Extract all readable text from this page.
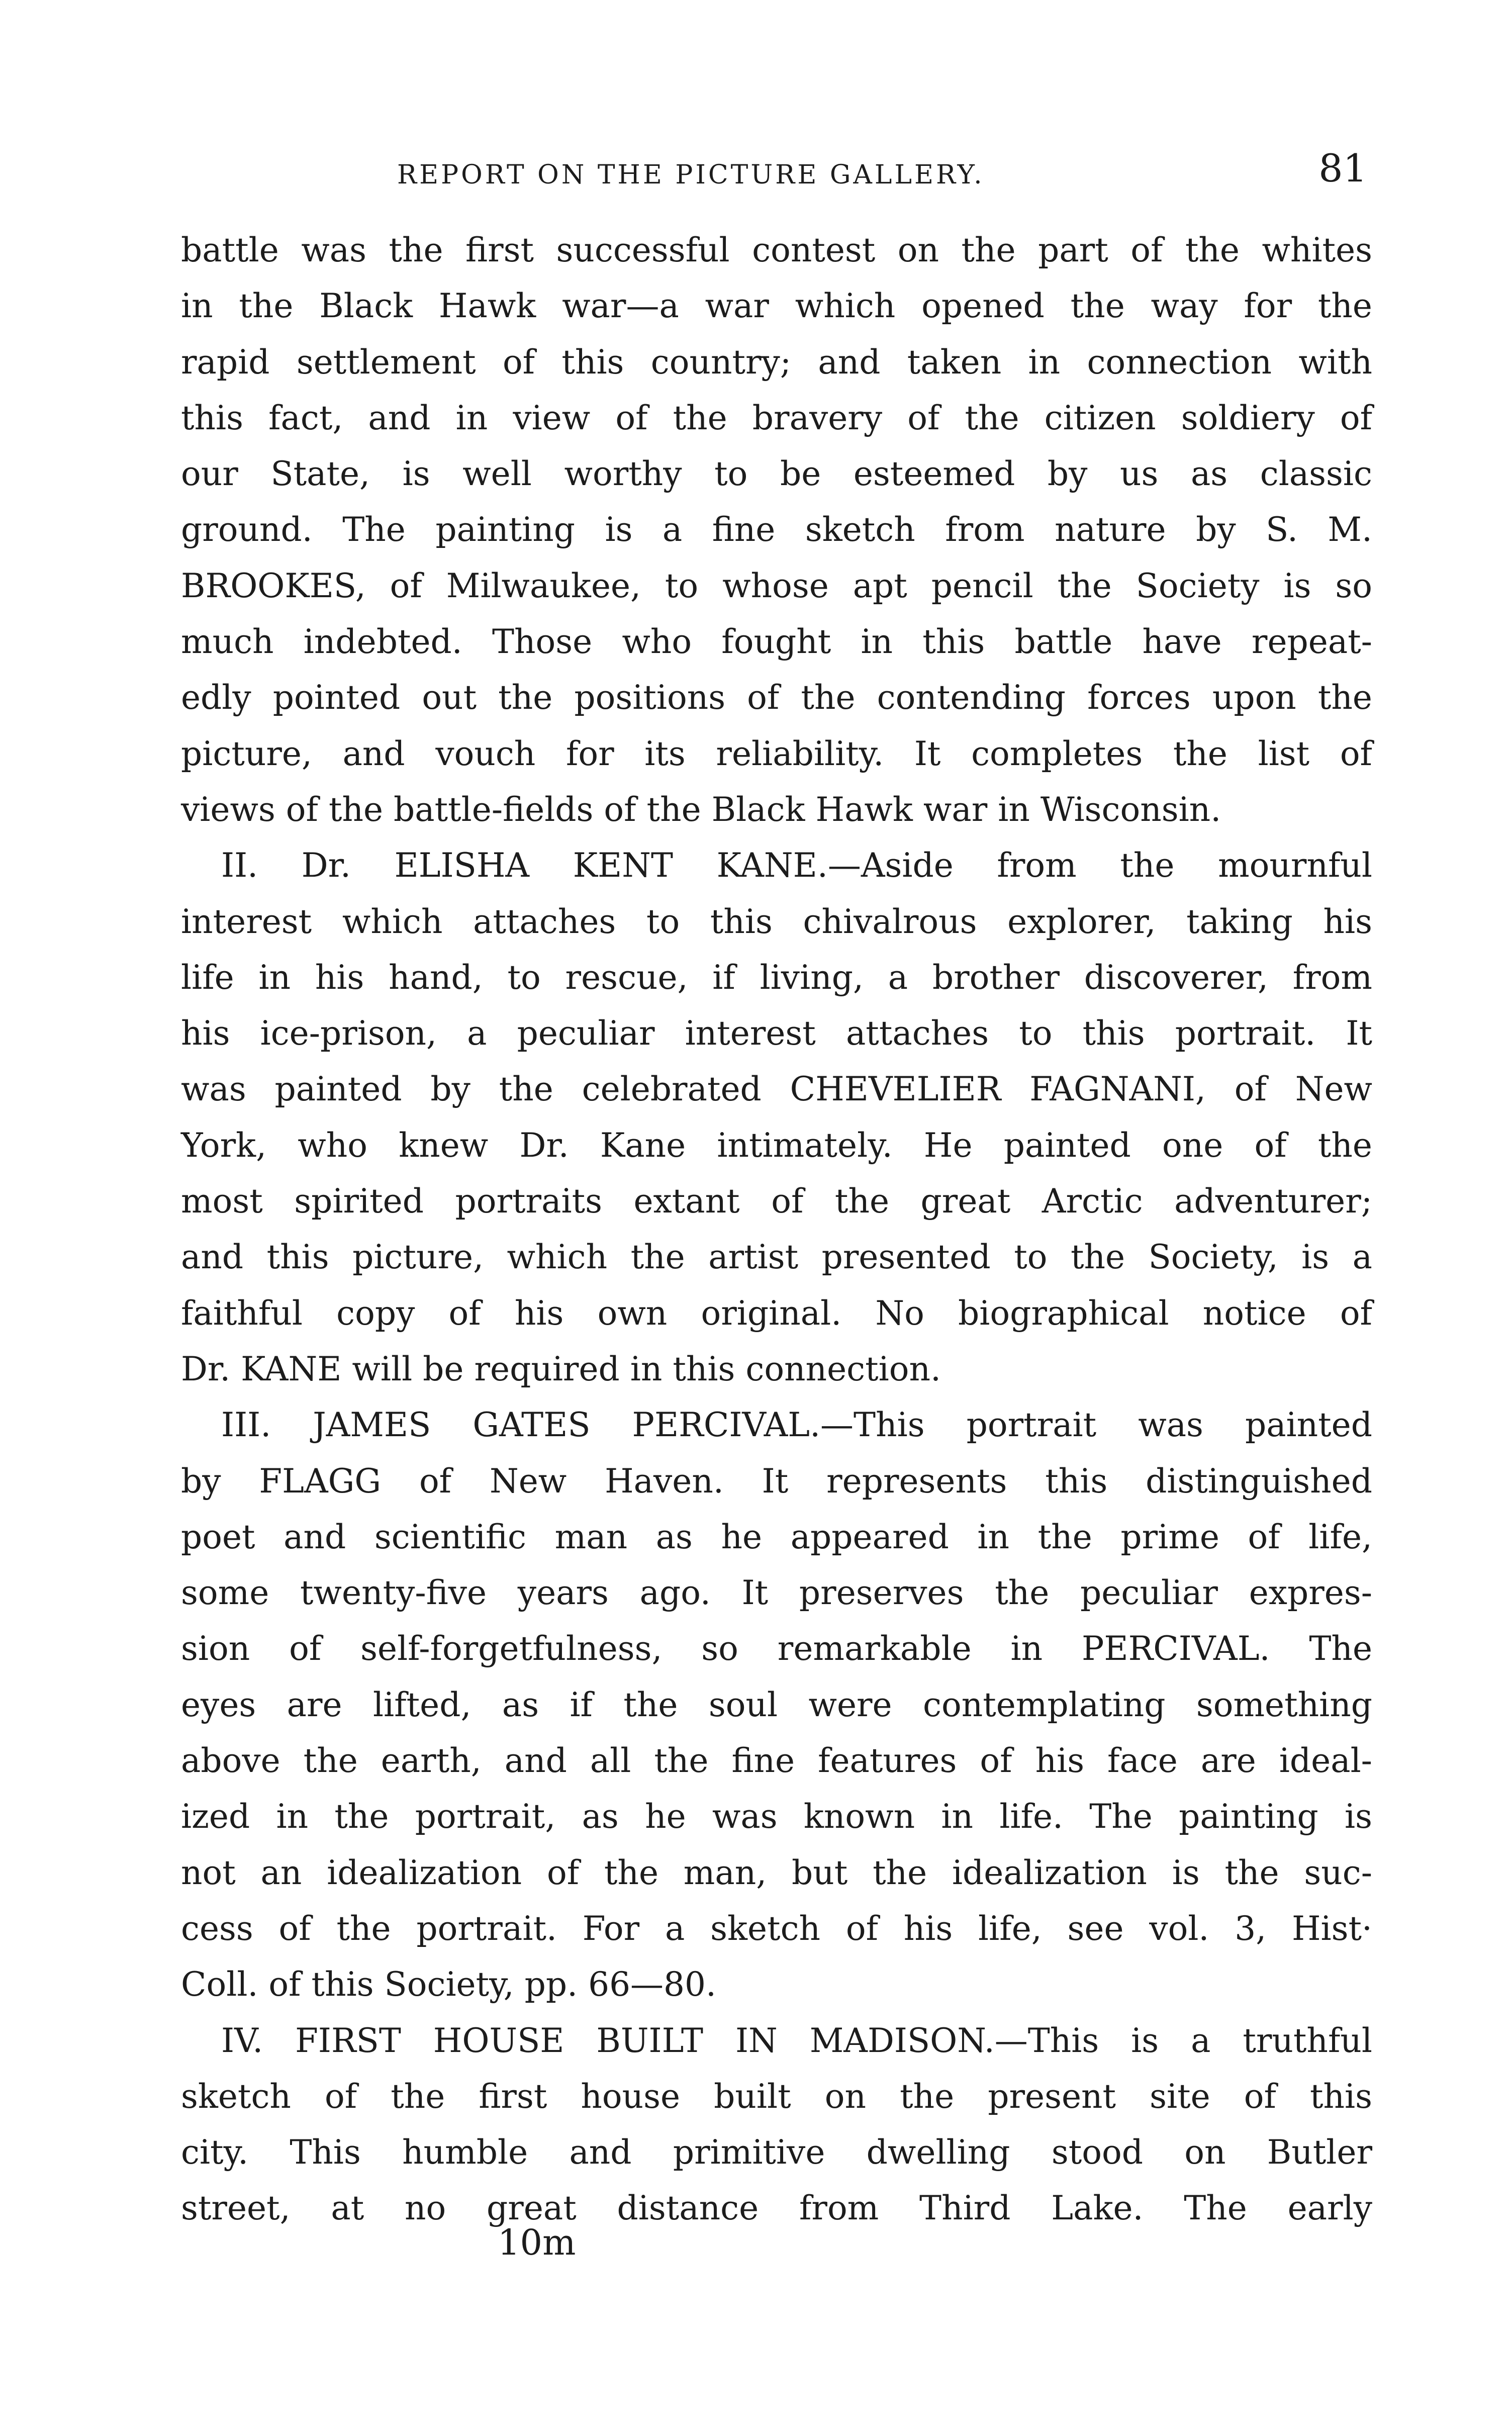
REPORT ON THE PICTURE GALLERY.	81
battle was the first successful contest on the part of the whites
in the Black Hawk war—a war which opened the way for the
rapid settlement of this country; and taken in connection with
this fact, and in view of the bravery of the citizen soldiery of
our State, is well worthy to be esteemed by us as classic
ground. The painting is a fine sketch from nature by S. M.
BROOKES, of Milwaukee, to whose apt pencil the Society is so
much indebted. Those who fought in this battle have repeat-
edly pointed out the positions of the contending forces upon the
picture, and vouch for its reliability. It completes the list of
views of the battle-fields of the Black Hawk war in Wisconsin.
II. Dr. ELISHA KENT KANE.—Aside from the mournful
interest which attaches to this chivalrous explorer, taking his
life in his hand, to rescue, if living, a brother discoverer, from
his ice-prison, a peculiar interest attaches to this portrait. It
was painted by the celebrated CHEVELIER FAGNANI, of New
York, who knew Dr. Kane intimately. He painted one of the
most spirited portraits extant of the great Arctic adventurer;
and this picture, which the artist presented to the Society, is a
faithful copy of his own original. No biographical notice of
Dr. KANE will be required in this connection.
III. JAMES GATES PERCIVAL.—This portrait was painted
by FLAGG of New Haven. It represents this distinguished
poet and scientific man as he appeared in the prime of life,
some twenty-five years ago. It preserves the peculiar expres-
sion of self-forgetfulness, so remarkable in PERCIVAL. The
eyes are lifted, as if the soul were contemplating something
above the earth, and all the fine features of his face are ideal-
ized in the portrait, as he was known in life. The painting is
not an idealization of the man, but the idealization is the suc-
cess of the portrait. For a sketch of his life, see vol. 3, Hist·
Coll. of this Society, pp. 66—80.
IV. FIRST HOUSE BUILT IN MADISON.—This is a truthful
sketch of the first house built on the present site of this
city. This humble and primitive dwelling stood on Butler
street, at no great distance from Third Lake. The early
10m
